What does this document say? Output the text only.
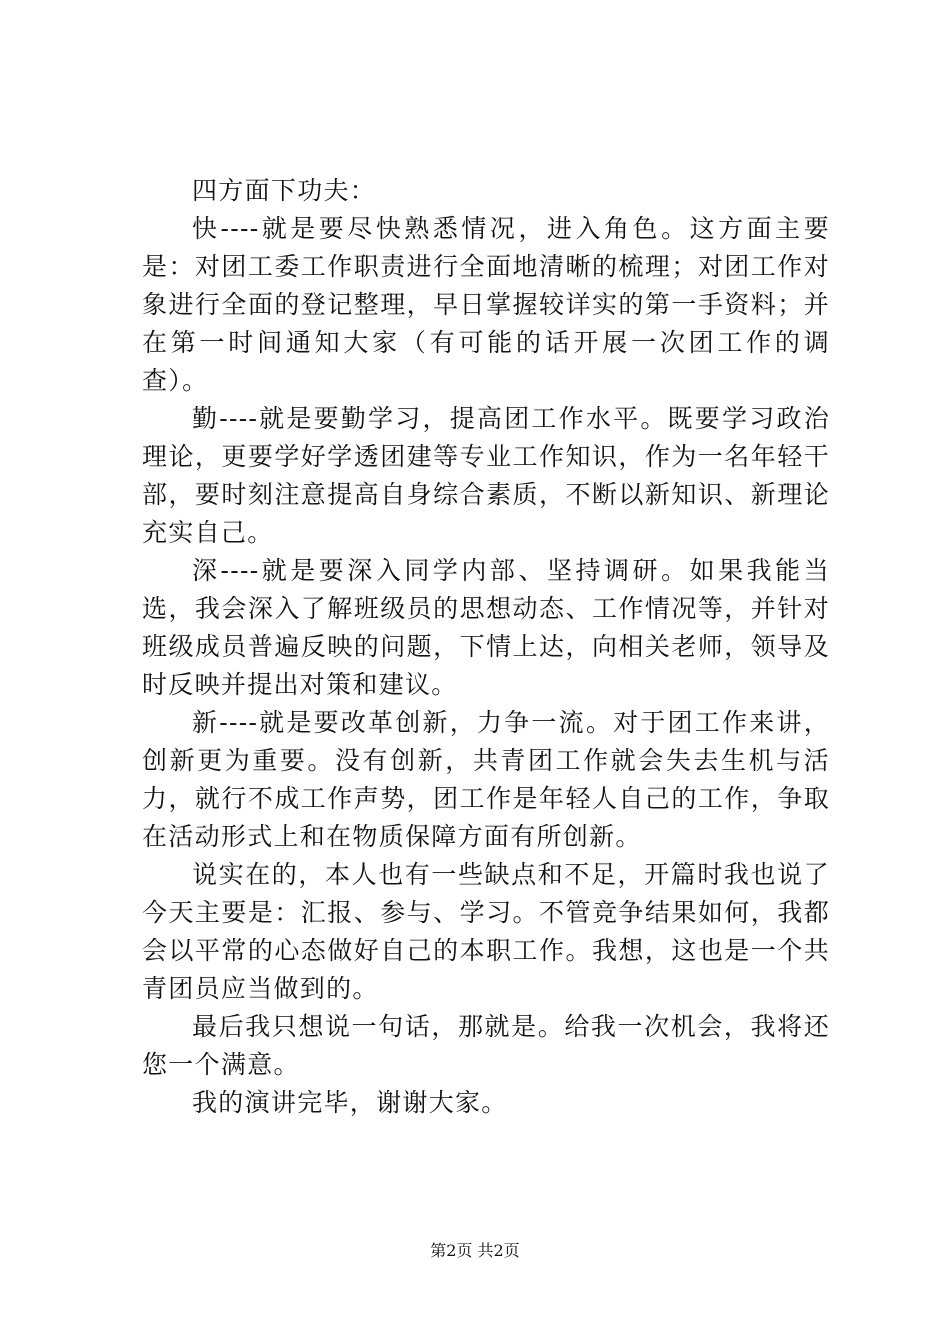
四方面下功夫：

快----就是要尽快熟悉情况，进入角色。这方面主要是：对团工委工作职责进行全面地清晰的梳理；对团工作对象进行全面的登记整理，早日掌握较详实的第一手资料；并在第一时间通知大家（有可能的话开展一次团工作的调查）。

勤----就是要勤学习，提高团工作水平。既要学习政治理论，更要学好学透团建等专业工作知识，作为一名年轻干部，要时刻注意提高自身综合素质，不断以新知识、新理论充实自己。

深----就是要深入同学内部、坚持调研。如果我能当选，我会深入了解班级员的思想动态、工作情况等，并针对班级成员普遍反映的问题，下情上达，向相关老师，领导及时反映并提出对策和建议。

新----就是要改革创新，力争一流。对于团工作来讲，创新更为重要。没有创新，共青团工作就会失去生机与活力，就行不成工作声势，团工作是年轻人自己的工作，争取在活动形式上和在物质保障方面有所创新。

说实在的，本人也有一些缺点和不足，开篇时我也说了今天主要是：汇报、参与、学习。不管竞争结果如何，我都会以平常的心态做好自己的本职工作。我想，这也是一个共青团员应当做到的。

最后我只想说一句话，那就是。给我一次机会，我将还您一个满意。

我的演讲完毕，谢谢大家。

第2页 共2页
